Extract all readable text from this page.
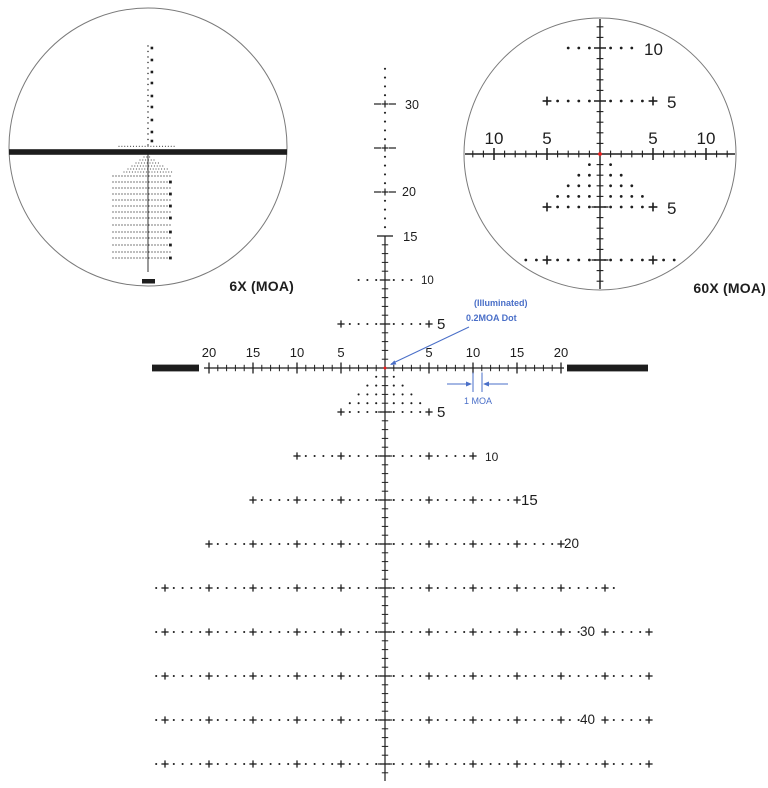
5	5
10	10
15	15
20	20
15
20
30
5
10
5
10
15
20
30
40
10 5	5 10
10
5
5
6X (MOA)	60X (MOA)
(Illuminated)
0.2MOA Dot
1 MOA
